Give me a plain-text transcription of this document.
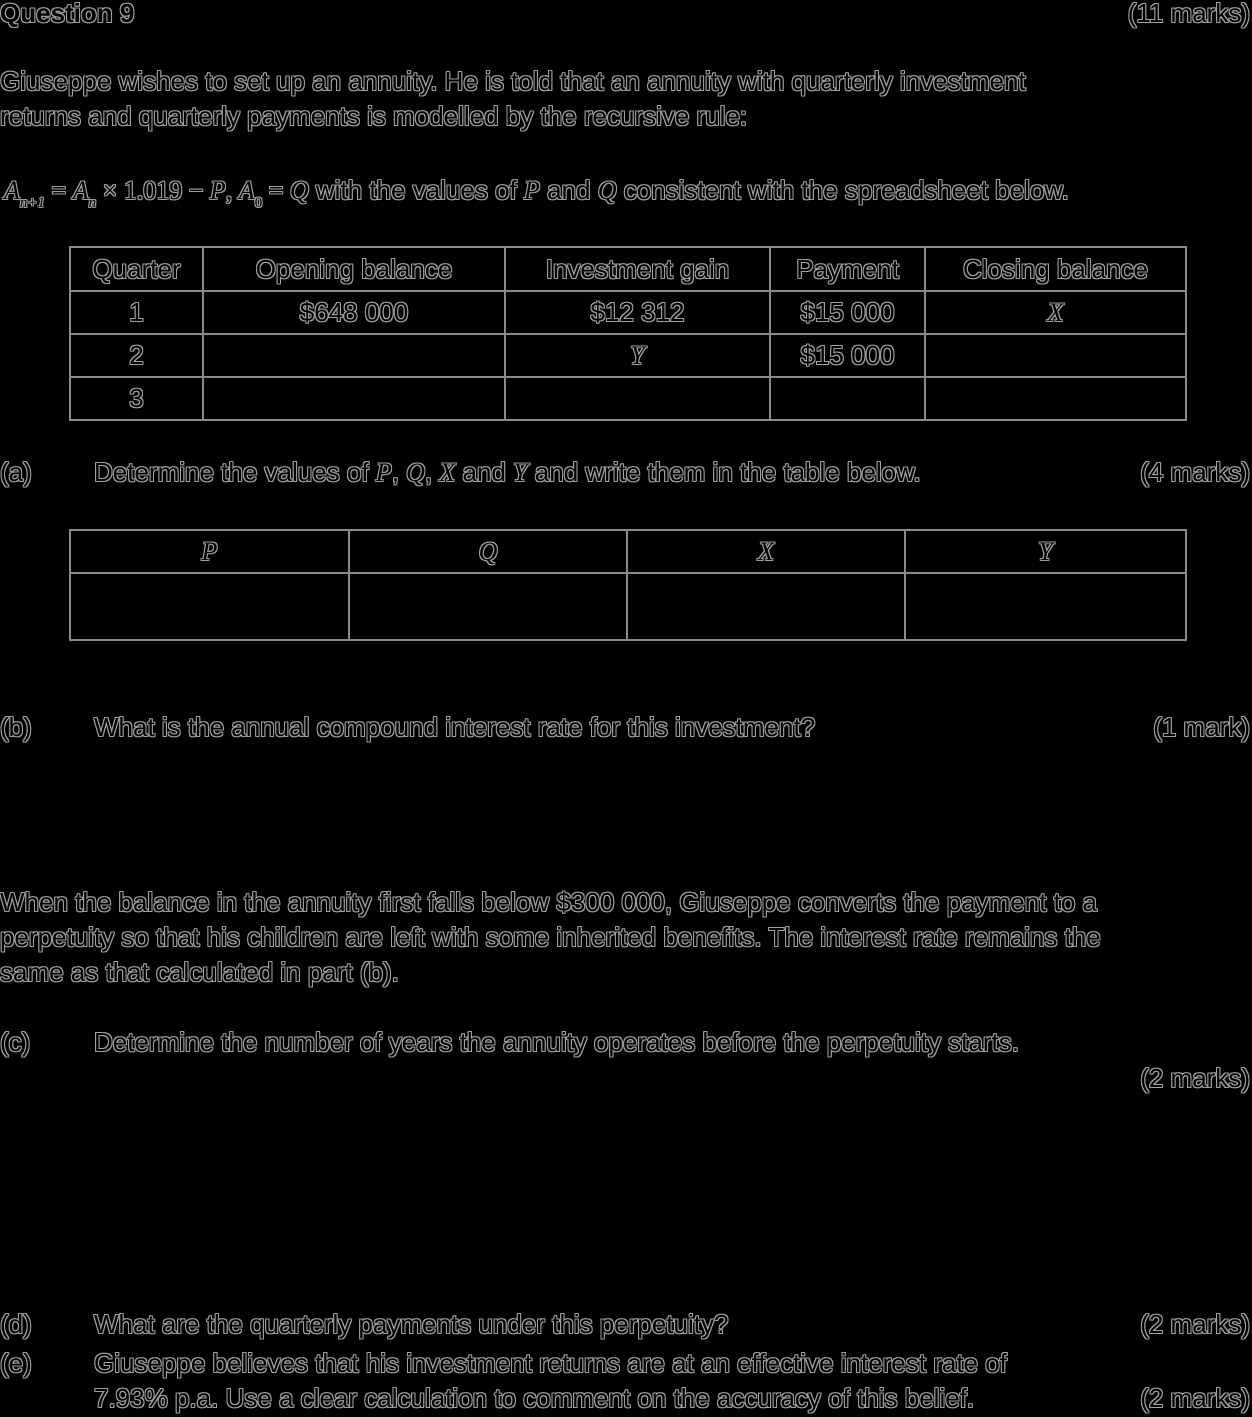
Question 9	(11 marks)
Giuseppe wishes to set up an annuity. He is told that an annuity with quarterly investment
returns and quarterly payments is modelled by the recursive rule:
$A_{n+1} = A_n \times 1.019 - P$, $A_0 = Q$ with the values of P and Q consistent with the spreadsheet below.
Quarter	Opening balance	Investment gain	Payment	Closing balance
1	$648 000	$12 312	$15 000	X
2		Y	$15 000	
3				
(a) Determine the values of P, Q, X and Y and write them in the table below.	(4 marks)
P	Q	X	Y

(b) What is the annual compound interest rate for this investment?	(1 mark)
When the balance in the annuity first falls below $300 000, Giuseppe converts the payment to a
perpetuity so that his children are left with some inherited benefits. The interest rate remains the
same as that calculated in part (b).
(c) Determine the number of years the annuity operates before the perpetuity starts.
(2 marks)
(d) What are the quarterly payments under this perpetuity?	(2 marks)
(e) Giuseppe believes that his investment returns are at an effective interest rate of
7.93% p.a. Use a clear calculation to comment on the accuracy of this belief.	(2 marks)
